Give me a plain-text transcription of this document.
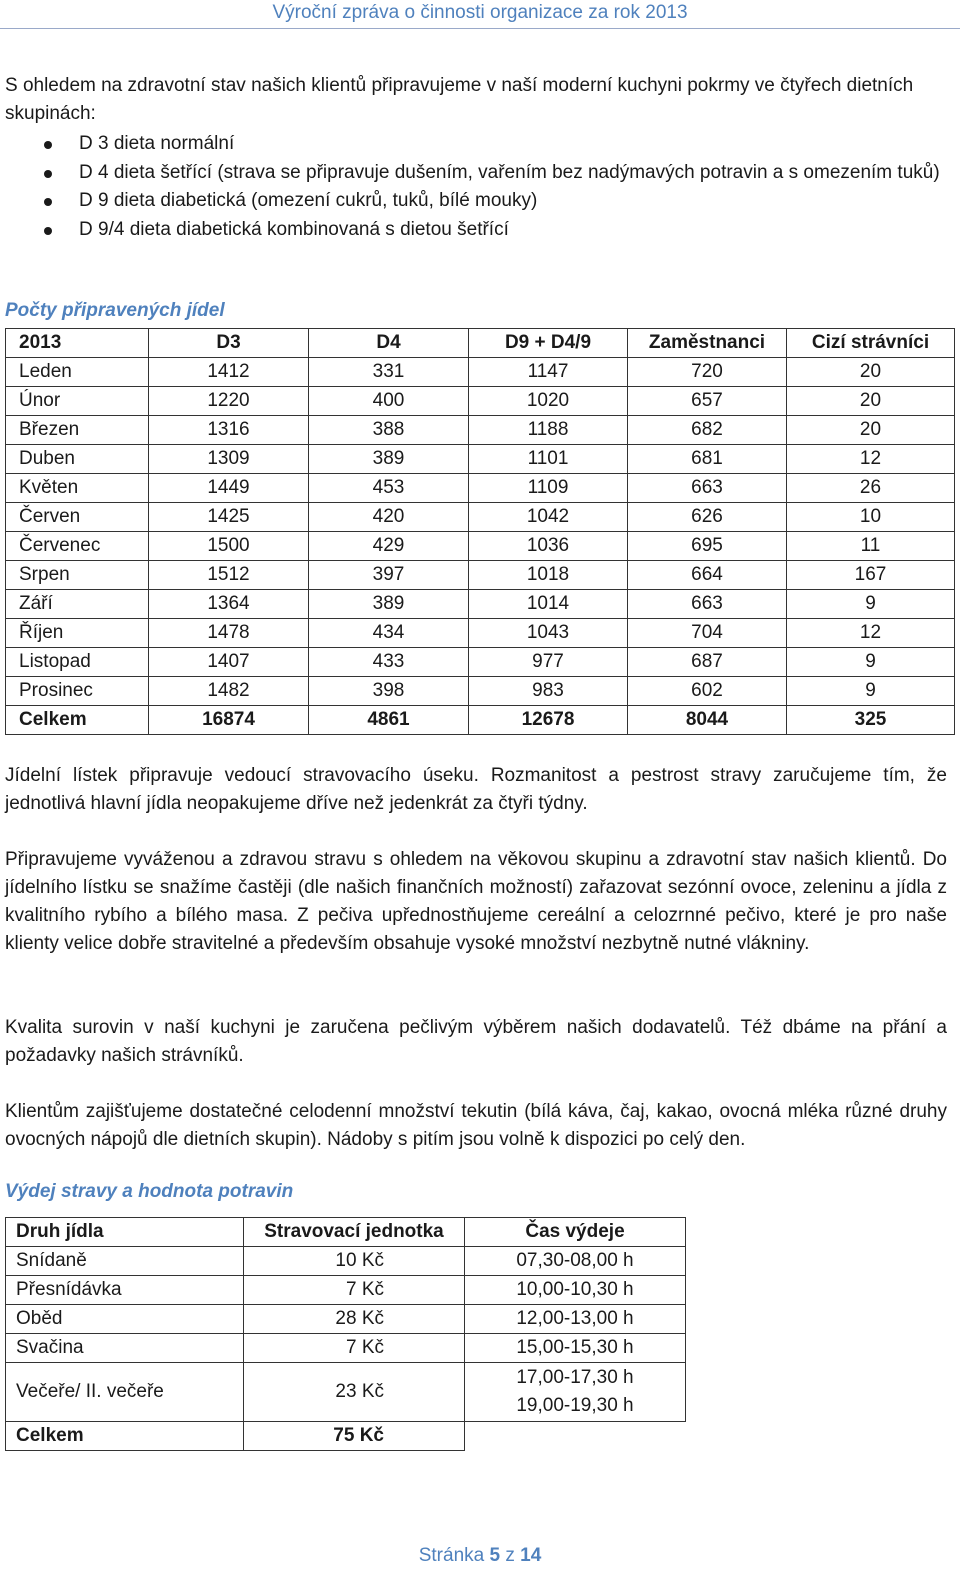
Výroční zpráva o činnosti organizace za rok 2013
S ohledem na zdravotní stav našich klientů připravujeme v naší moderní kuchyni pokrmy ve čtyřech dietních skupinách:
D 3 dieta normální
D 4 dieta šetřící (strava se připravuje dušením, vařením bez nadýmavých potravin a s omezením tuků)
D 9 dieta diabetická (omezení cukrů, tuků, bílé mouky)
D 9/4 dieta diabetická kombinovaná s dietou šetřící
Počty připravených jídel
2013	D3	D4	D9 + D4/9	Zaměstnanci	Cizí strávníci
Leden	1412	331	1147	720	20
Únor	1220	400	1020	657	20
Březen	1316	388	1188	682	20
Duben	1309	389	1101	681	12
Květen	1449	453	1109	663	26
Červen	1425	420	1042	626	10
Červenec	1500	429	1036	695	11
Srpen	1512	397	1018	664	167
Září	1364	389	1014	663	9
Říjen	1478	434	1043	704	12
Listopad	1407	433	977	687	9
Prosinec	1482	398	983	602	9
Celkem	16874	4861	12678	8044	325
Jídelní lístek připravuje vedoucí stravovacího úseku. Rozmanitost a pestrost stravy zaručujeme tím, že jednotlivá hlavní jídla neopakujeme dříve než jedenkrát za čtyři týdny.
Připravujeme vyváženou a zdravou stravu s ohledem na věkovou skupinu a zdravotní stav našich klientů. Do jídelního lístku se snažíme častěji (dle našich finančních možností) zařazovat sezónní ovoce, zeleninu a jídla z kvalitního rybího a bílého masa. Z pečiva upřednostňujeme cereální a celozrnné pečivo, které je pro naše klienty velice dobře stravitelné a především obsahuje vysoké množství nezbytně nutné vlákniny.
Kvalita surovin v naší kuchyni je zaručena pečlivým výběrem našich dodavatelů. Též dbáme na přání a požadavky našich strávníků.
Klientům zajišťujeme dostatečné celodenní množství tekutin (bílá káva, čaj, kakao, ovocná mléka různé druhy ovocných nápojů dle dietních skupin). Nádoby s pitím jsou volně k dispozici po celý den.
Výdej stravy a hodnota potravin
Druh jídla	Stravovací jednotka	Čas výdeje
Snídaně	10 Kč	07,30-08,00 h
Přesnídávka	7 Kč	10,00-10,30 h
Oběd	28 Kč	12,00-13,00 h
Svačina	7 Kč	15,00-15,30 h
Večeře/ II. večeře	23 Kč	17,00-17,30 h
19,00-19,30 h

Celkem	75 Kč	
Stránka 5 z 14
